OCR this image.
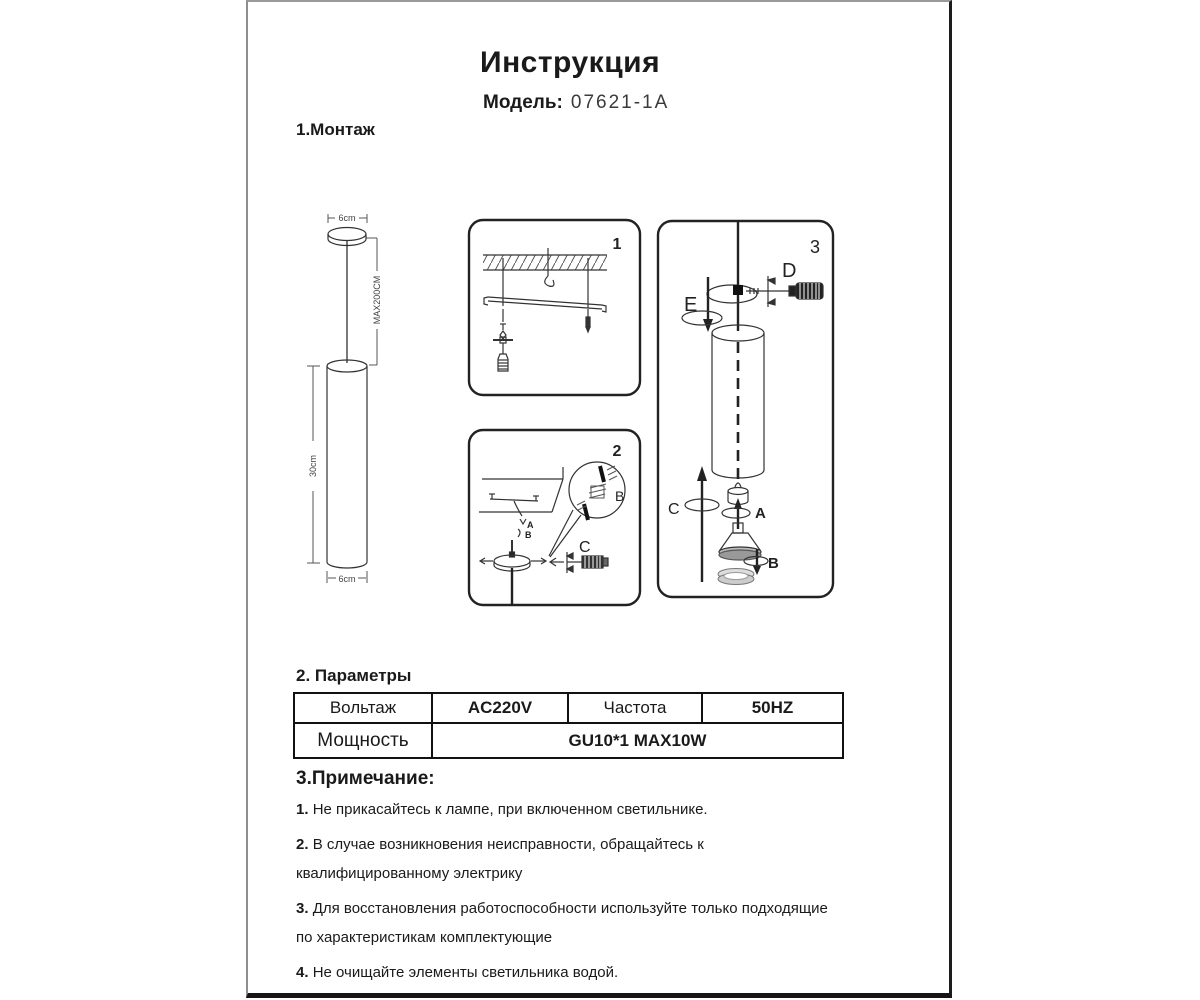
Инструкция
Модель: 07621-1A
1.Монтаж
6cm
MAX200CM
30cm
6cm
1
2
A
B
B
C
3
D
E
A
B
C
2. Параметры
Вольтаж	AC220V	Частота	50HZ
Мощность	GU10*1 MAX10W		
3.Примечание:

1. Не прикасайтесь к лампе, при включенном светильнике.

2. В случае возникновения неисправности, обращайтесь к квалифицированному электрику

3. Для восстановления работоспособности используйте только подходящие по характеристикам комплектующие

4. Не очищайте элементы светильника водой.
